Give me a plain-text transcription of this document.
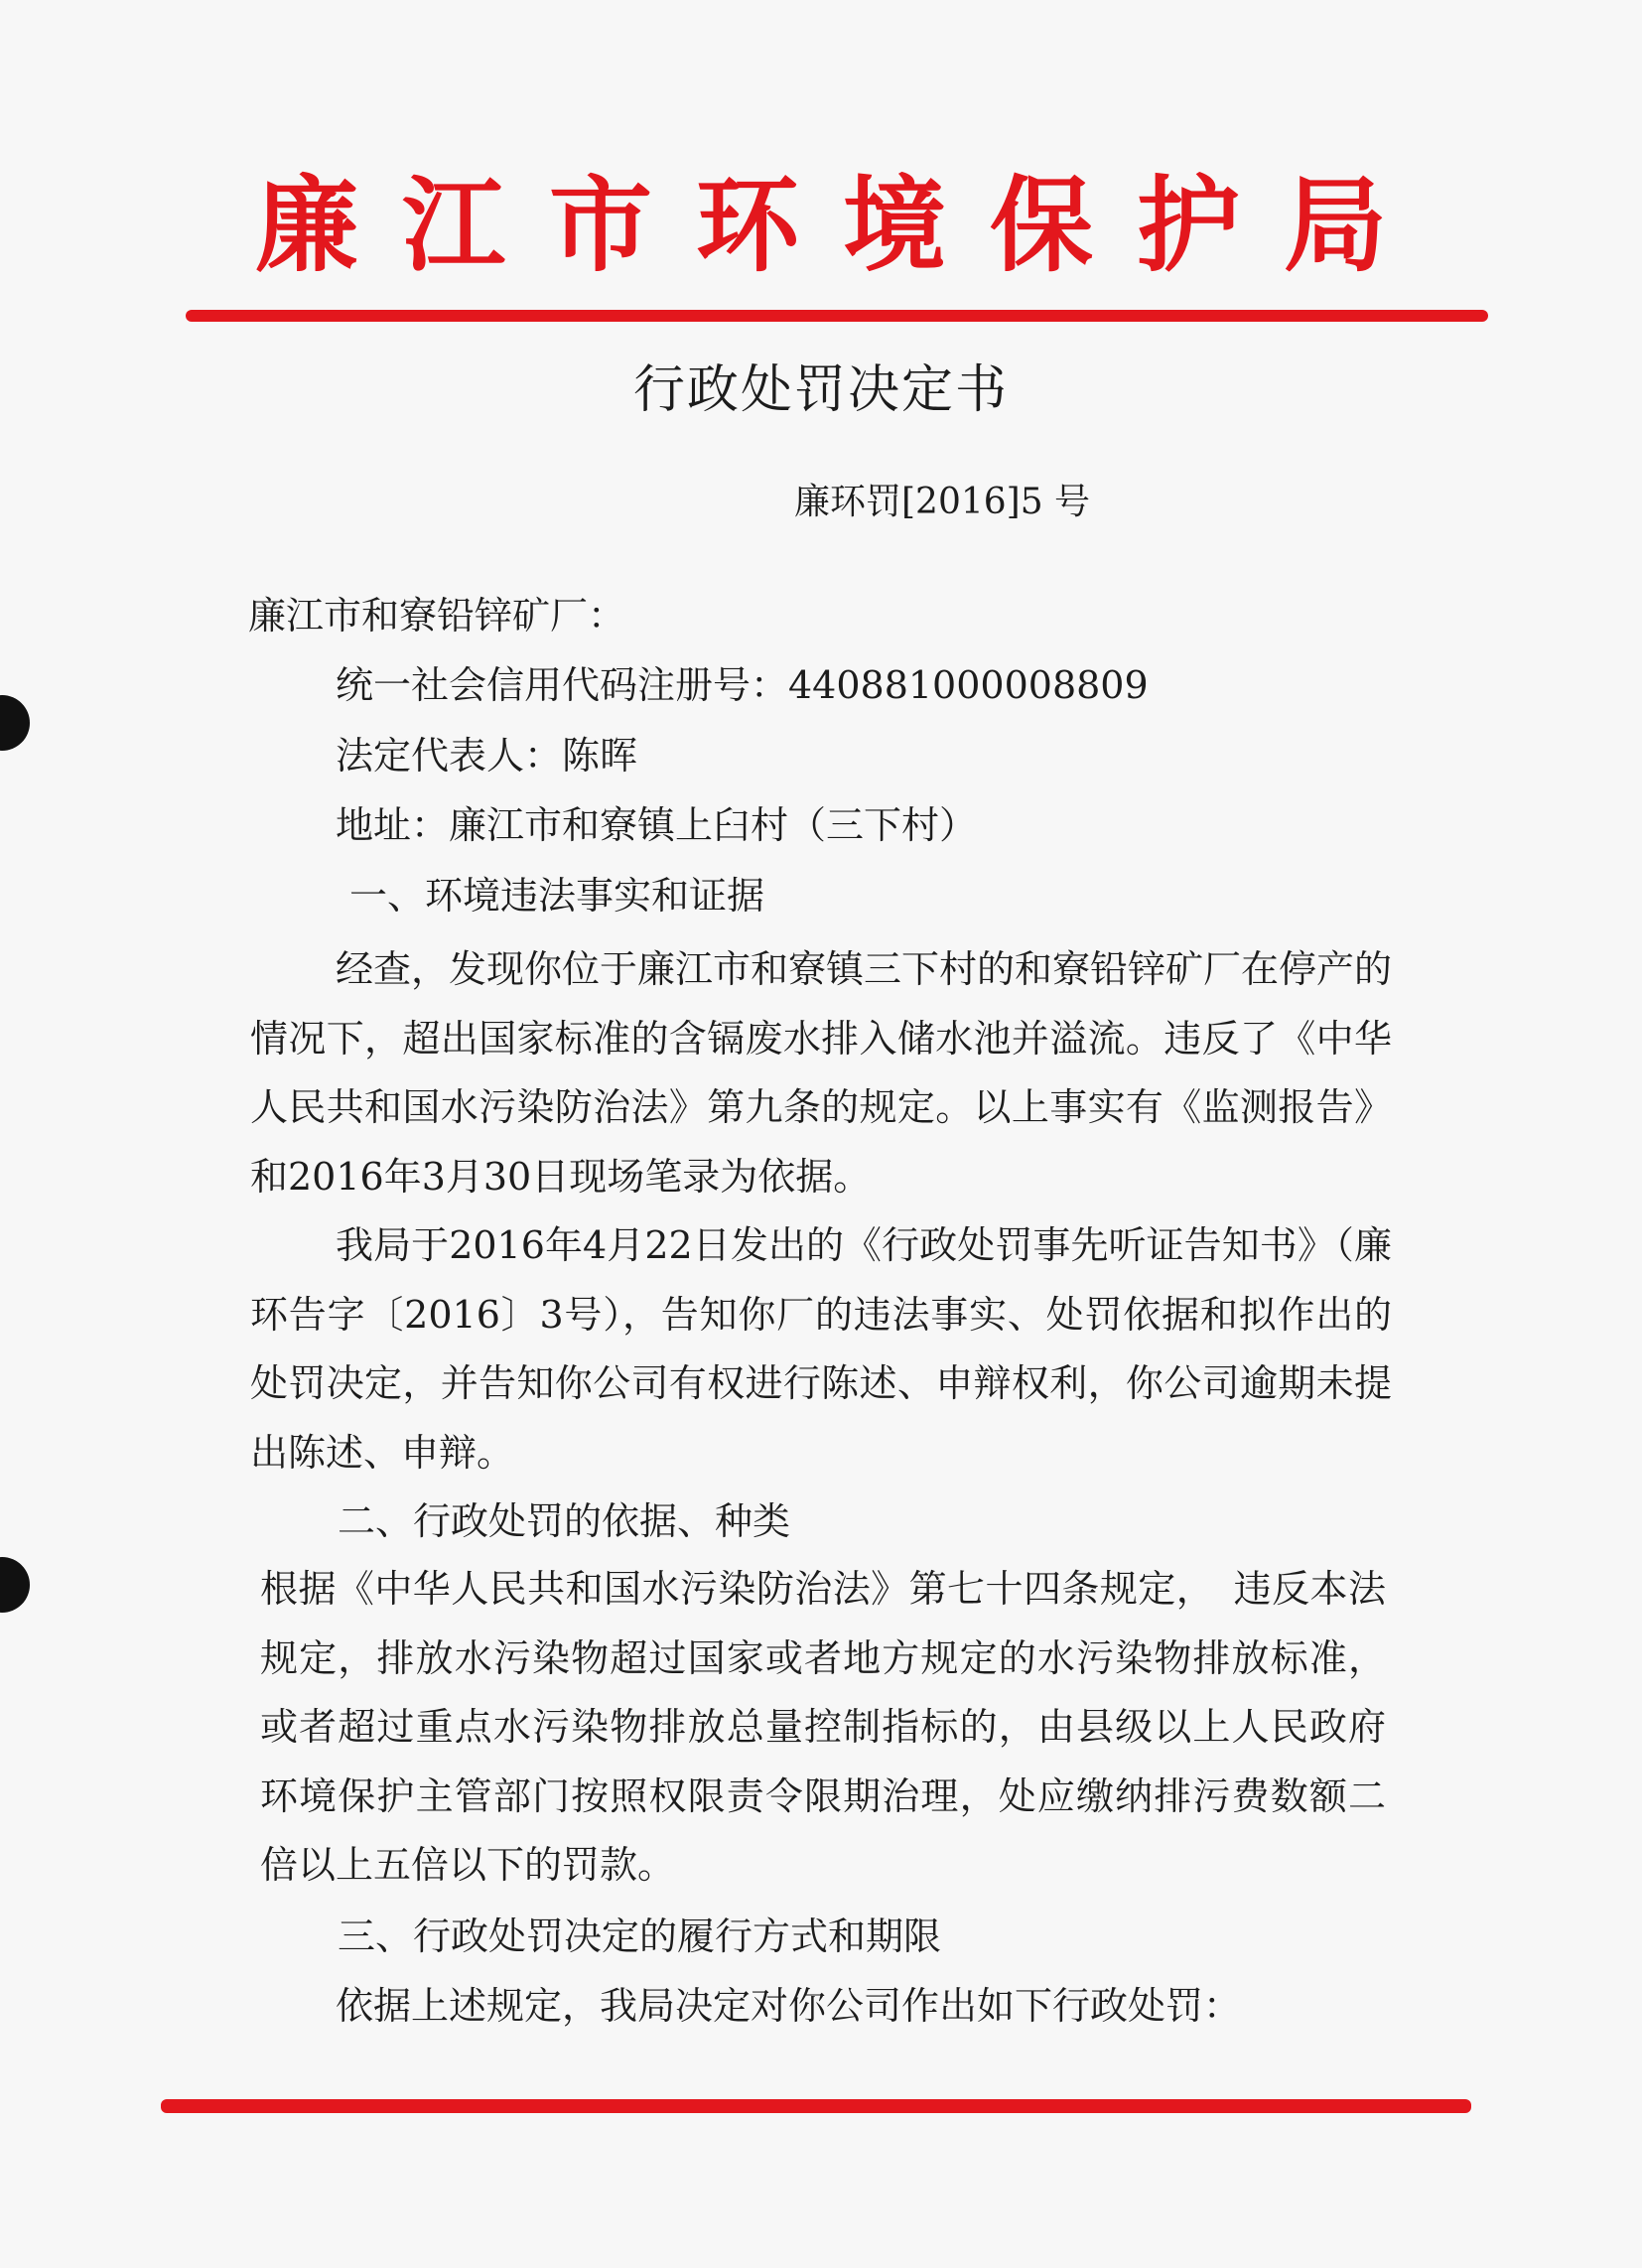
廉江市环境保护局
行政处罚决定书
廉环罚[2016]5 号
廉江市和寮铅锌矿厂：
统一社会信用代码注册号：440881000008809
法定代表人：陈晖
地址：廉江市和寮镇上臼村（三下村）
一、环境违法事实和证据

经查，发现你位于廉江市和寮镇三下村的和寮铅锌矿厂在停产的情况下，超出国家标准的含镉废水排入储水池并溢流。违反了《中华人民共和国水污染防治法》第九条的规定。以上事实有《监测报告》和2016年3月30日现场笔录为依据。

我局于2016年4月22日发出的《行政处罚事先听证告知书》（廉环告字〔2016〕3号），告知你厂的违法事实、处罚依据和拟作出的处罚决定，并告知你公司有权进行陈述、申辩权利，你公司逾期未提出陈述、申辩。

二、行政处罚的依据、种类

根据《中华人民共和国水污染防治法》第七十四条规定，　违反本法规定，排放水污染物超过国家或者地方规定的水污染物排放标准，或者超过重点水污染物排放总量控制指标的，由县级以上人民政府环境保护主管部门按照权限责令限期治理，处应缴纳排污费数额二倍以上五倍以下的罚款。

三、行政处罚决定的履行方式和期限
依据上述规定，我局决定对你公司作出如下行政处罚：
